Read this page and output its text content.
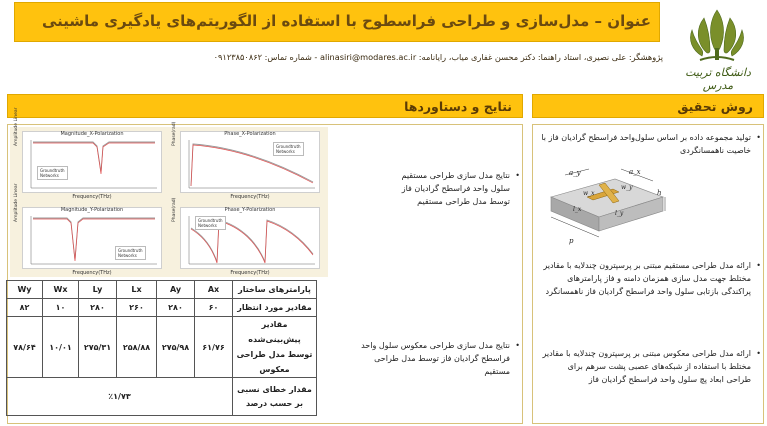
عنوان – مدل‌سازی و طراحی فراسطوح با استفاده از الگوریتم‌های یادگیری ماشینی
پژوهشگر: علی نصیری، استاد راهنما: دکتر محسن غفاری میاب، رایانامه: alinasiri@modares.ac.ir - شماره تماس: ۰۹۱۲۳۸۵۰۸۶۲
دانشگاه تربیت مدرس
نتایج و دستاوردها	روش تحقیق
Magnitude_X-Polarization
Groundtruth
Networks
Frequency(THz)
Amplitude Linear	Phase_X-Polarization
Groundtruth
Networks
Frequency(THz)
Phase(rad)
Magnitude_Y-Polarization
Groundtruth
Networks
Frequency(THz)
Amplitude Linear	Phase_Y-Polarization
Groundtruth
Networks
Frequency(THz)
Phase(rad)
• نتایج مدل سازی طراحی مستقیم سلول واحد فراسطح گرادیان فاز توسط مدل طراحی مستقیم
• نتایج مدل سازی طراحی معکوس سلول واحد فراسطح گرادیان فاز توسط مدل طراحی مستقیم
Wy	Wx	Ly	Lx	Ay	Ax	پارامترهای ساختار
۸۲	۱۰	۲۸۰	۲۶۰	۲۸۰	۶۰	مقادیر مورد انتظار
۷۸/۶۴	۱۰/۰۱	۲۷۵/۳۱	۲۵۸/۸۸	۲۷۵/۹۸	۶۱/۷۶	مقادیر پیش‌بینی‌شده توسط مدل طراحی معکوس
٪۱/۷۳						مقدار خطای نسبی بر حسب درصد
• تولید مجموعه داده بر اساس سلول‌واحد فراسطح گرادیان فاز با خاصیت ناهمسانگردی
• ارائه مدل طراحی مستقیم مبتنی بر پرسپترون چندلایه با مقادیر مختلط جهت مدل سازی همزمان دامنه و فاز پارامترهای پراکندگی بازتابی سلول واحد فراسطح گرادیان فاز ناهمسانگرد
• ارائه مدل طراحی معکوس مبتنی بر پرسپترون چندلایه با مقادیر مختلط با استفاده از شبکه‌های عصبی پشت سرهم برای طراحی ابعاد پچ سلول واحد فراسطح گرادیان فاز
a_y	a_x
h
l_y
l_x
w_x
w_y
p
